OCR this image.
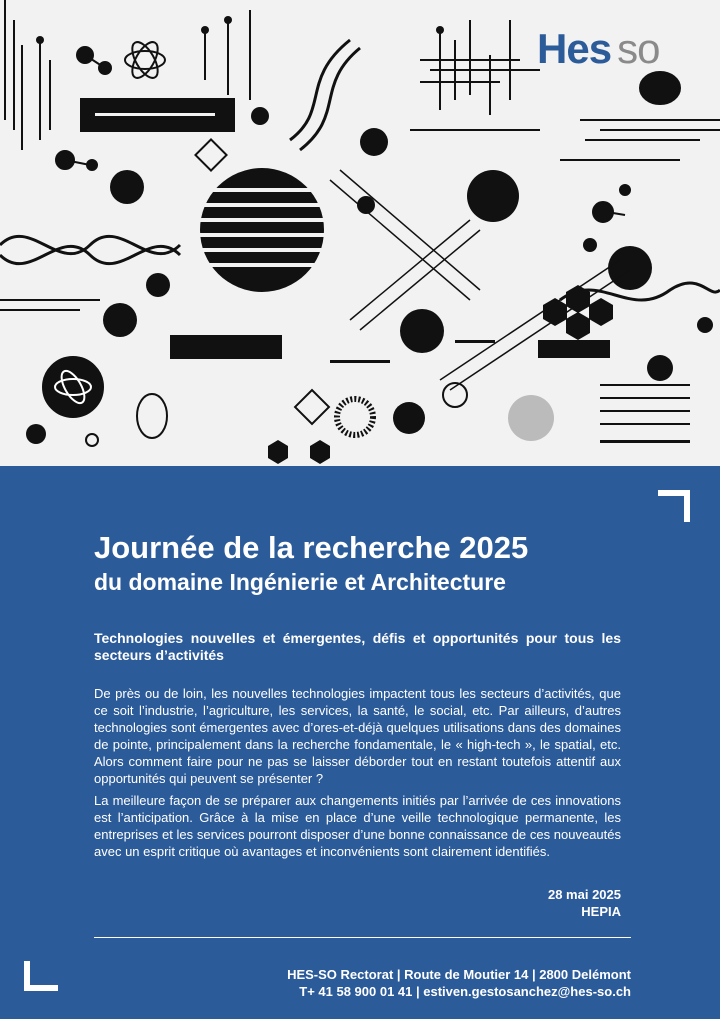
Hes so
Journée de la recherche 2025
du domaine Ingénierie et Architecture

Technologies nouvelles et émergentes, défis et opportunités pour tous les secteurs d’activités

De près ou de loin, les nouvelles technologies impactent tous les secteurs d’activités, que ce soit l’industrie, l’agriculture, les services, la santé, le social, etc. Par ailleurs, d’autres technologies sont émergentes avec d’ores-et-déjà quelques utilisations dans des domaines de pointe, principalement dans la recherche fondamentale, le « high-tech », le spatial, etc. Alors comment faire pour ne pas se laisser déborder tout en restant toutefois attentif aux opportunités qui peuvent se présenter ?

La meilleure façon de se préparer aux changements initiés par l’arrivée de ces innovations est l’anticipation. Grâce à la mise en place d’une veille technologique permanente, les entreprises et les services pourront disposer d’une bonne connaissance de ces nouveautés avec un esprit critique où avantages et inconvénients sont clairement identifiés.

28 mai 2025
HEPIA
HES-SO Rectorat | Route de Moutier 14 | 2800 Delémont
T+ 41 58 900 01 41 | estiven.gestosanchez@hes-so.ch
